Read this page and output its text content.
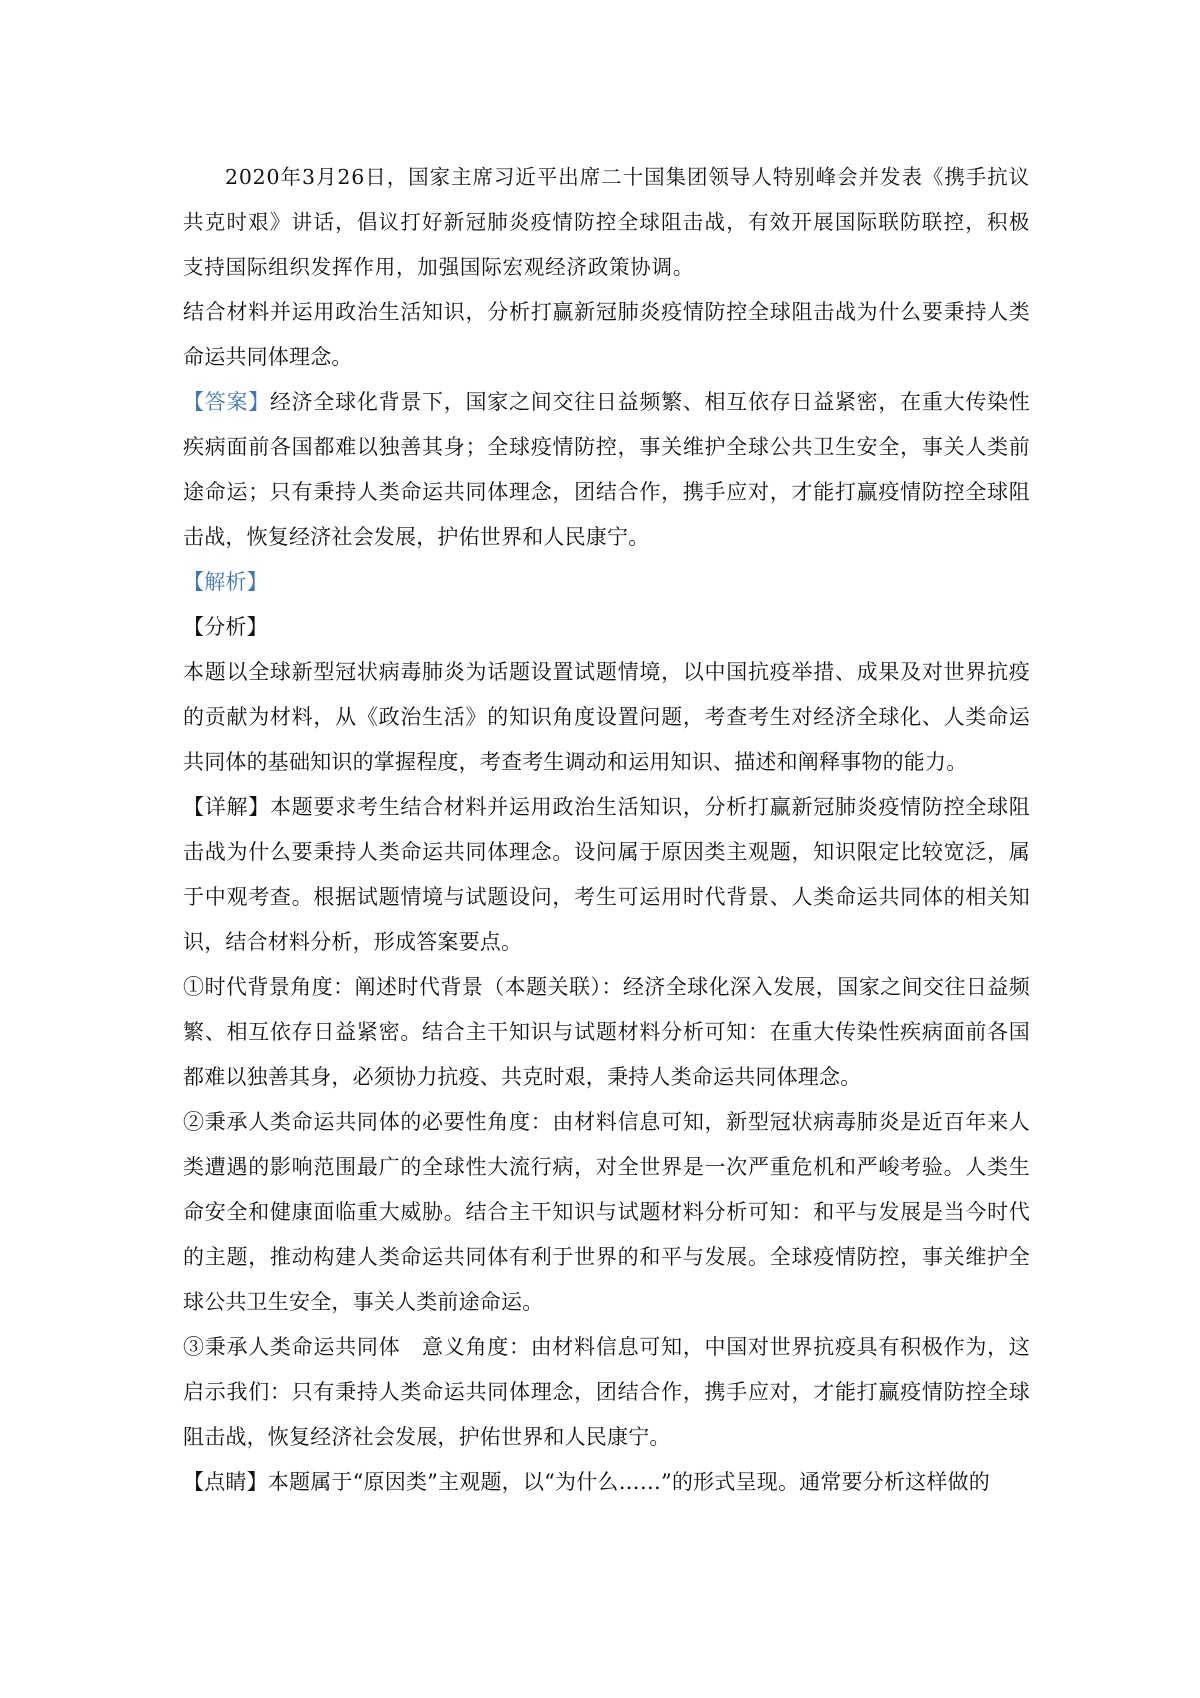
2020年3月26日，国家主席习近平出席二十国集团领导人特别峰会并发表《携手抗议共克时艰》讲话，倡议打好新冠肺炎疫情防控全球阻击战，有效开展国际联防联控，积极支持国际组织发挥作用，加强国际宏观经济政策协调。

结合材料并运用政治生活知识，分析打赢新冠肺炎疫情防控全球阻击战为什么要秉持人类命运共同体理念。

【答案】经济全球化背景下，国家之间交往日益频繁、相互依存日益紧密，在重大传染性疾病面前各国都难以独善其身；全球疫情防控，事关维护全球公共卫生安全，事关人类前途命运；只有秉持人类命运共同体理念，团结合作，携手应对，才能打赢疫情防控全球阻击战，恢复经济社会发展，护佑世界和人民康宁。

【解析】

【分析】

本题以全球新型冠状病毒肺炎为话题设置试题情境，以中国抗疫举措、成果及对世界抗疫的贡献为材料，从《政治生活》的知识角度设置问题，考查考生对经济全球化、人类命运共同体的基础知识的掌握程度，考查考生调动和运用知识、描述和阐释事物的能力。

【详解】本题要求考生结合材料并运用政治生活知识，分析打赢新冠肺炎疫情防控全球阻击战为什么要秉持人类命运共同体理念。设问属于原因类主观题，知识限定比较宽泛，属于中观考查。根据试题情境与试题设问，考生可运用时代背景、人类命运共同体的相关知识，结合材料分析，形成答案要点。

①时代背景角度：阐述时代背景（本题关联）：经济全球化深入发展，国家之间交往日益频繁、相互依存日益紧密。结合主干知识与试题材料分析可知：在重大传染性疾病面前各国都难以独善其身，必须协力抗疫、共克时艰，秉持人类命运共同体理念。

②秉承人类命运共同体的必要性角度：由材料信息可知，新型冠状病毒肺炎是近百年来人类遭遇的影响范围最广的全球性大流行病，对全世界是一次严重危机和严峻考验。人类生命安全和健康面临重大威胁。结合主干知识与试题材料分析可知：和平与发展是当今时代的主题，推动构建人类命运共同体有利于世界的和平与发展。全球疫情防控，事关维护全球公共卫生安全，事关人类前途命运。

③秉承人类命运共同体　意义角度：由材料信息可知，中国对世界抗疫具有积极作为，这启示我们：只有秉持人类命运共同体理念，团结合作，携手应对，才能打赢疫情防控全球阻击战，恢复经济社会发展，护佑世界和人民康宁。

【点睛】本题属于“原因类”主观题，以“为什么……”的形式呈现。通常要分析这样做的
